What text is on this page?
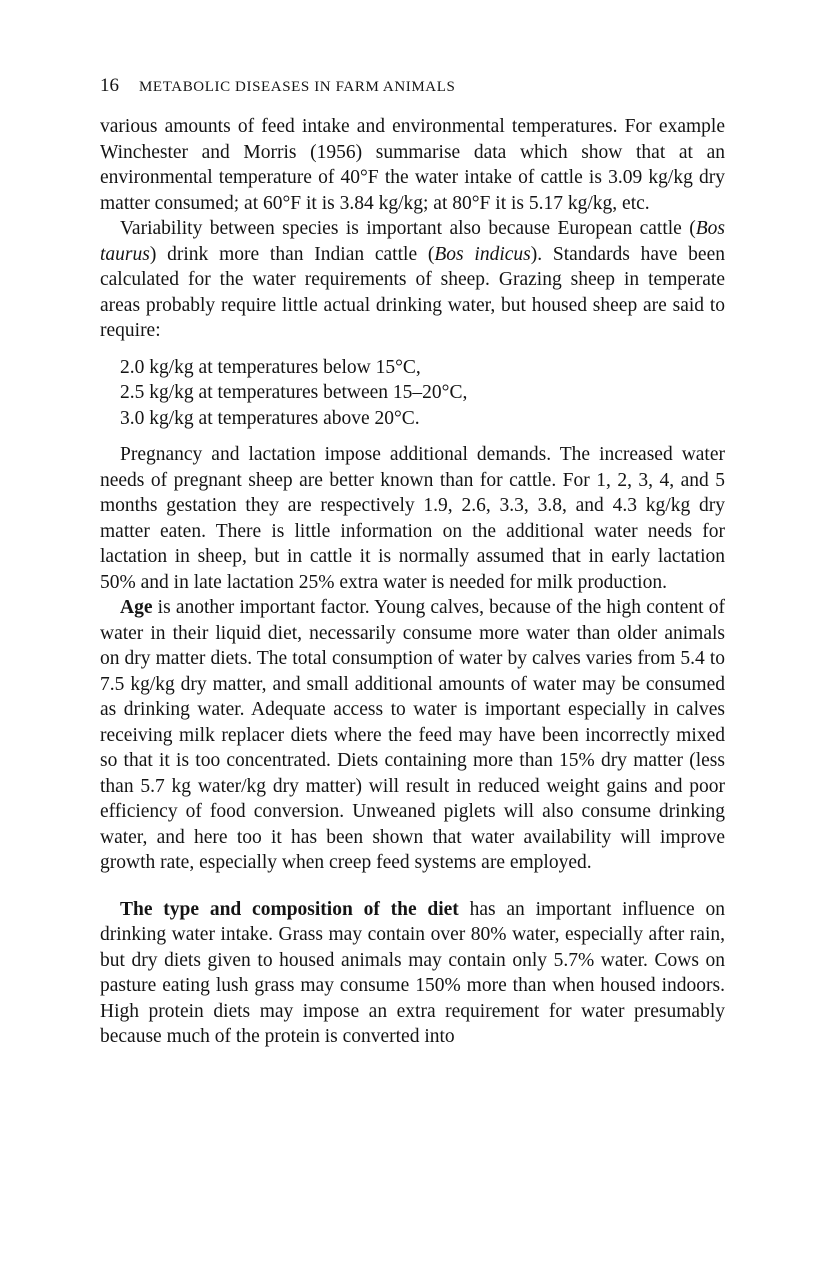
16 METABOLIC DISEASES IN FARM ANIMALS

various amounts of feed intake and environmental temperatures. For example Winchester and Morris (1956) summarise data which show that at an environmental temperature of 40°F the water intake of cattle is 3.09 kg/kg dry matter consumed; at 60°F it is 3.84 kg/kg; at 80°F it is 5.17 kg/kg, etc.

Variability between species is important also because European cattle (Bos taurus) drink more than Indian cattle (Bos indicus). Standards have been calculated for the water requirements of sheep. Grazing sheep in temperate areas probably require little actual drinking water, but housed sheep are said to require:

2.0 kg/kg at temperatures below 15°C,
2.5 kg/kg at temperatures between 15–20°C,
3.0 kg/kg at temperatures above 20°C.

Pregnancy and lactation impose additional demands. The increased water needs of pregnant sheep are better known than for cattle. For 1, 2, 3, 4, and 5 months gestation they are respectively 1.9, 2.6, 3.3, 3.8, and 4.3 kg/kg dry matter eaten. There is little information on the additional water needs for lactation in sheep, but in cattle it is normally assumed that in early lactation 50% and in late lactation 25% extra water is needed for milk production.

Age is another important factor. Young calves, because of the high content of water in their liquid diet, necessarily consume more water than older animals on dry matter diets. The total consumption of water by calves varies from 5.4 to 7.5 kg/kg dry matter, and small additional amounts of water may be consumed as drinking water. Adequate access to water is important especially in calves receiving milk replacer diets where the feed may have been incorrectly mixed so that it is too concentrated. Diets containing more than 15% dry matter (less than 5.7 kg water/kg dry matter) will result in reduced weight gains and poor efficiency of food conversion. Unweaned piglets will also consume drinking water, and here too it has been shown that water availability will improve growth rate, especially when creep feed systems are employed.

The type and composition of the diet has an important influence on drinking water intake. Grass may contain over 80% water, especially after rain, but dry diets given to housed animals may contain only 5.7% water. Cows on pasture eating lush grass may consume 150% more than when housed indoors. High protein diets may impose an extra requirement for water presumably because much of the protein is converted into
